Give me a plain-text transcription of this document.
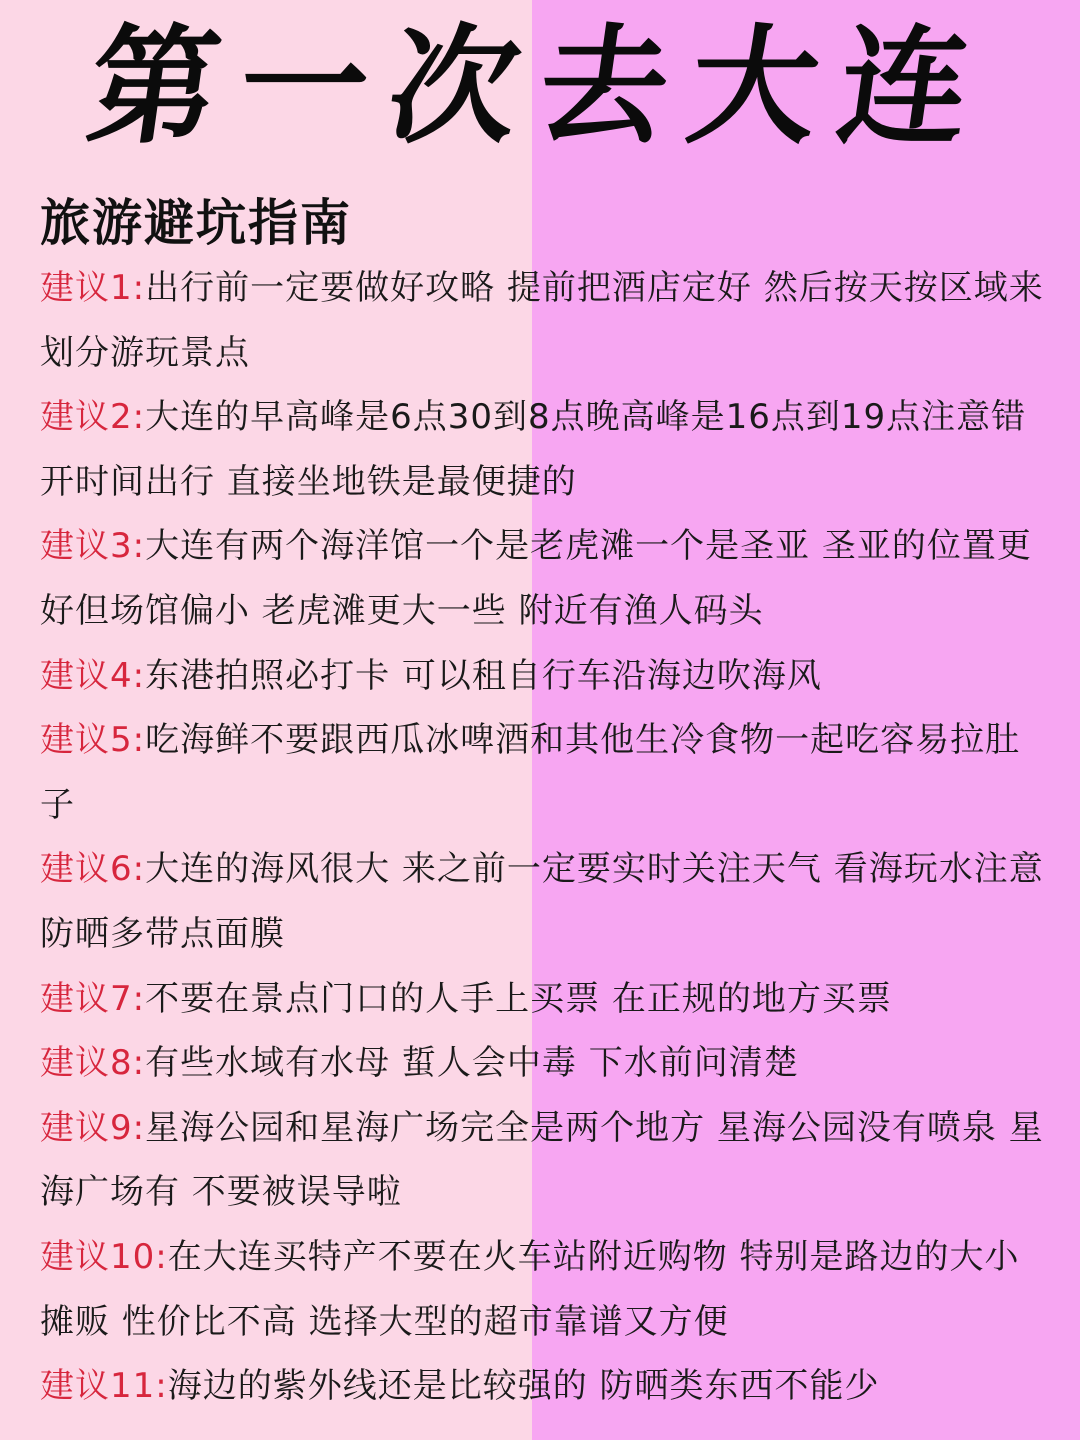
第一次去大连
旅游避坑指南
建议1:出行前一定要做好攻略 提前把酒店定好 然后按天按区域来划分游玩景点
建议2:大连的早高峰是6点30到8点晚高峰是16点到19点注意错开时间出行 直接坐地铁是最便捷的
建议3:大连有两个海洋馆一个是老虎滩一个是圣亚 圣亚的位置更好但场馆偏小 老虎滩更大一些 附近有渔人码头
建议4:东港拍照必打卡 可以租自行车沿海边吹海风
建议5:吃海鲜不要跟西瓜冰啤酒和其他生冷食物一起吃容易拉肚子
建议6:大连的海风很大 来之前一定要实时关注天气 看海玩水注意防晒多带点面膜
建议7:不要在景点门口的人手上买票 在正规的地方买票
建议8:有些水域有水母 蜇人会中毒 下水前问清楚
建议9:星海公园和星海广场完全是两个地方 星海公园没有喷泉 星海广场有 不要被误导啦
建议10:在大连买特产不要在火车站附近购物 特别是路边的大小摊贩 性价比不高 选择大型的超市靠谱又方便
建议11:海边的紫外线还是比较强的 防晒类东西不能少
